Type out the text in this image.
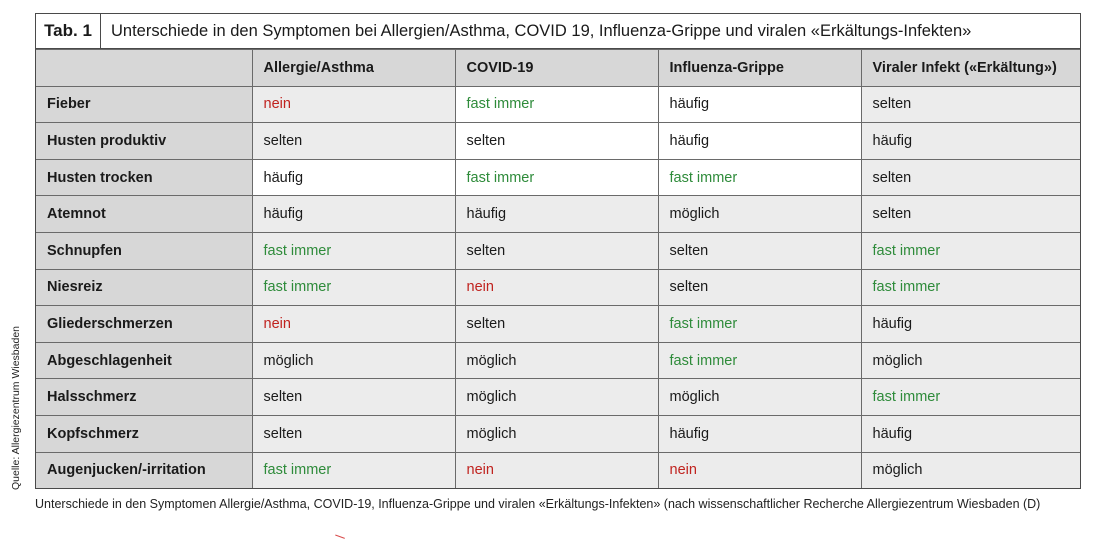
Quelle: Allergiezentrum Wiesbaden
Tab. 1	Unterschiede in den Symptomen bei Allergien/Asthma, COVID 19, Influenza-Grippe und viralen «Erkältungs-Infekten»
	Allergie/Asthma	COVID-19	Influenza-Grippe	Viraler Infekt («Erkältung»)
Fieber	nein	fast immer	häufig	selten
Husten produktiv	selten	selten	häufig	häufig
Husten trocken	häufig	fast immer	fast immer	selten
Atemnot	häufig	häufig	möglich	selten
Schnupfen	fast immer	selten	selten	fast immer
Niesreiz	fast immer	nein	selten	fast immer
Gliederschmerzen	nein	selten	fast immer	häufig
Abgeschlagenheit	möglich	möglich	fast immer	möglich
Halsschmerz	selten	möglich	möglich	fast immer
Kopfschmerz	selten	möglich	häufig	häufig
Augenjucken/-irritation	fast immer	nein	nein	möglich
Unterschiede in den Symptomen Allergie/Asthma, COVID-19, Influenza-Grippe und viralen «Erkältungs-Infekten» (nach wissenschaftlicher Recherche Allergiezentrum Wiesbaden (D)
